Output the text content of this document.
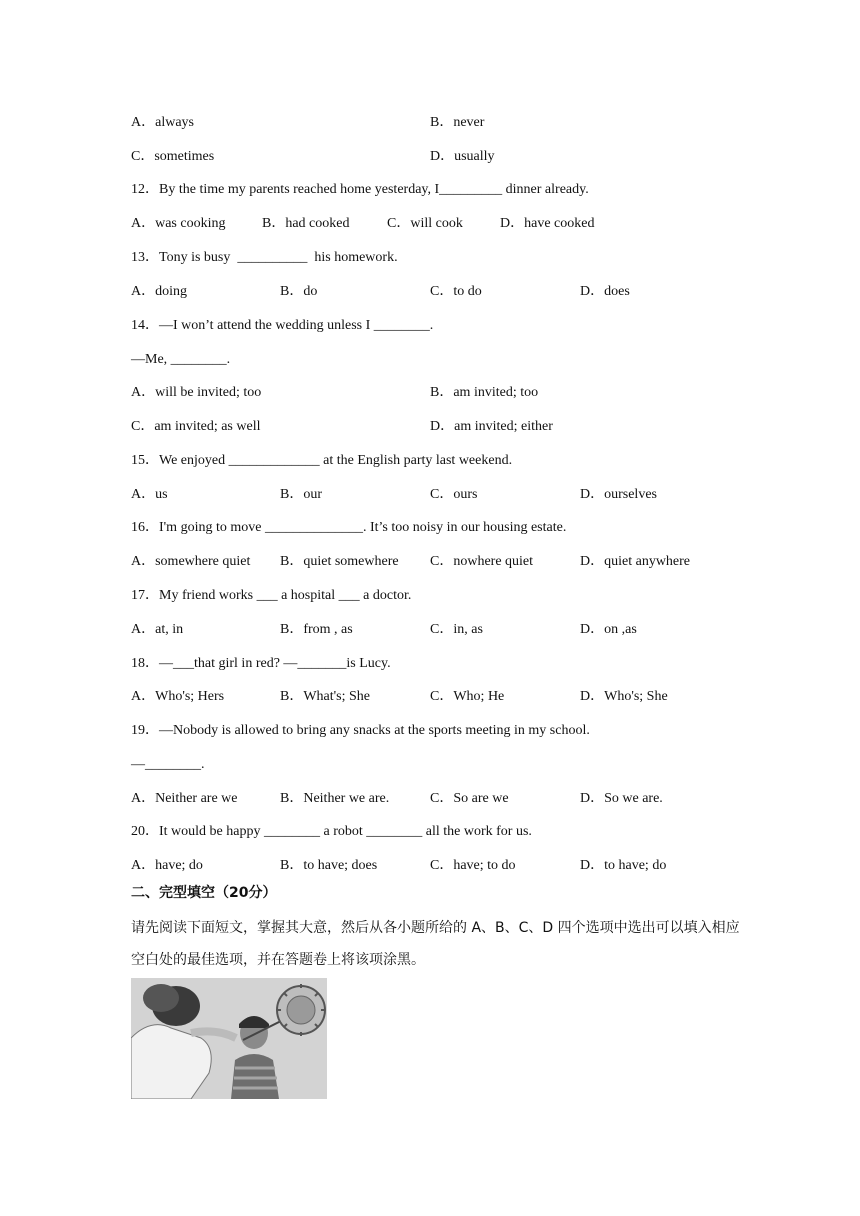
A．always	B．never
C．sometimes	D．usually
12．By the time my parents reached home yesterday, I_________ dinner already.
A．was cooking	B．had cooked	C．will cook	D．have cooked
13．Tony is busy  __________  his homework.
A．doing	B．do	C．to do	D．does
14．—I won’t attend the wedding unless I ________.
—Me, ________.
A．will be invited; too	B．am invited; too
C．am invited; as well	D．am invited; either
15．We enjoyed _____________ at the English party last weekend.
A．us	B．our	C．ours	D．ourselves
16．I'm going to move ______________. It’s too noisy in our housing estate.
A．somewhere quiet B．quiet somewhere C．nowhere quiet	D．quiet anywhere
17．My friend works ___ a hospital ___ a doctor.
A．at, in	B．from , as	C．in, as	D．on ,as
18．—___that girl in red? —_______is Lucy.
A．Who's; Hers	B．What's; She	C．Who; He	D．Who's; She
19．—Nobody is allowed to bring any snacks at the sports meeting in my school.
—________.
A．Neither are we	B．Neither we are.	C．So are we	D．So we are.
20．It would be happy ________ a robot ________ all the work for us.
A．have; do	B．to have; does	C．have; to do	D．to have; do
二、完型填空（20分）
请先阅读下面短文，掌握其大意，然后从各小题所给的 A、B、C、D 四个选项中选出可以填入相应空白处的最佳选项，并在答题卷上将该项涂黑。
